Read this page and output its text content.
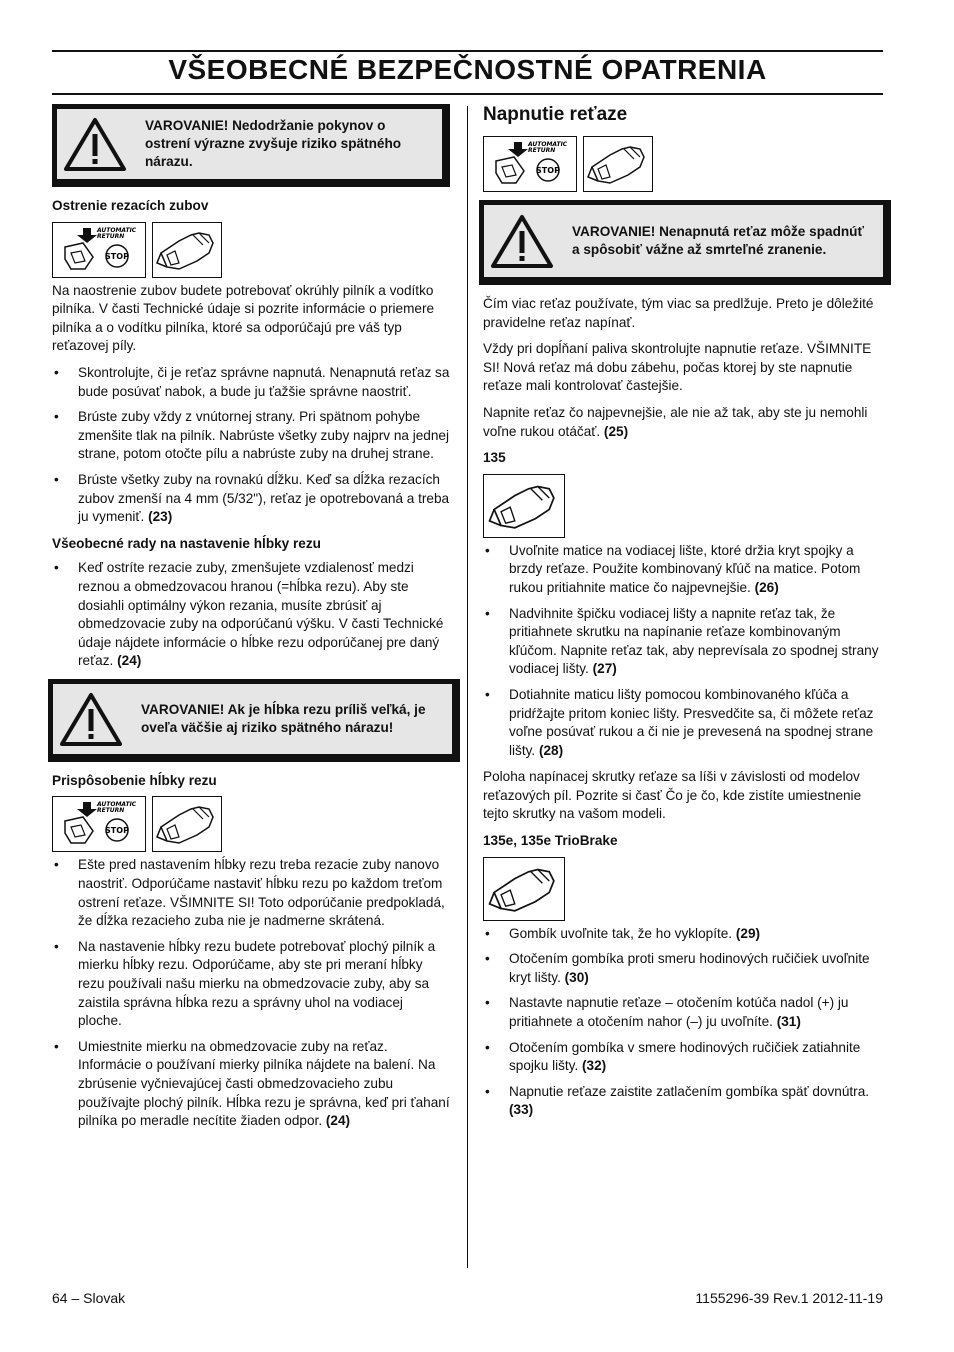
VŠEOBECNÉ BEZPEČNOSTNÉ OPATRENIA
VAROVANIE! Nedodržanie pokynov o ostrení výrazne zvyšuje riziko spätného nárazu.
Ostrenie rezacích zubov
AUTOMATIC
RETURN
STOP

Na naostrenie zubov budete potrebovať okrúhly pilník a vodítko pilníka. V časti Technické údaje si pozrite informácie o priemere pilníka a o vodítku pilníka, ktoré sa odporúčajú pre váš typ reťazovej píly.

• Skontrolujte, či je reťaz správne napnutá. Nenapnutá reťaz sa bude posúvať nabok, a bude ju ťažšie správne naostriť.
• Brúste zuby vždy z vnútornej strany. Pri spätnom pohybe zmenšite tlak na pilník. Nabrúste všetky zuby najprv na jednej strane, potom otočte pílu a nabrúste zuby na druhej strane.
• Brúste všetky zuby na rovnakú dĺžku. Keď sa dĺžka rezacích zubov zmenší na 4 mm (5/32"), reťaz je opotrebovaná a treba ju vymeniť. (23)
Všeobecné rady na nastavenie hĺbky rezu
• Keď ostríte rezacie zuby, zmenšujete vzdialenosť medzi reznou a obmedzovacou hranou (=hĺbka rezu). Aby ste dosiahli optimálny výkon rezania, musíte zbrúsiť aj obmedzovacie zuby na odporúčanú výšku. V časti Technické údaje nájdete informácie o hĺbke rezu odporúčanej pre daný reťaz. (24)
VAROVANIE! Ak je hĺbka rezu príliš veľká, je oveľa väčšie aj riziko spätného nárazu!
Prispôsobenie hĺbky rezu
AUTOMATIC
RETURN
STOP
• Ešte pred nastavením hĺbky rezu treba rezacie zuby nanovo naostriť. Odporúčame nastaviť hĺbku rezu po každom treťom ostrení reťaze. VŠIMNITE SI! Toto odporúčanie predpokladá, že dĺžka rezacieho zuba nie je nadmerne skrátená.
• Na nastavenie hĺbky rezu budete potrebovať plochý pilník a mierku hĺbky rezu. Odporúčame, aby ste pri meraní hĺbky rezu používali našu mierku na obmedzovacie zuby, aby sa zaistila správna hĺbka rezu a správny uhol na vodiacej ploche.
• Umiestnite mierku na obmedzovacie zuby na reťaz. Informácie o používaní mierky pilníka nájdete na balení. Na zbrúsenie vyčnievajúcej časti obmedzovacieho zubu používajte plochý pilník. Hĺbka rezu je správna, keď pri ťahaní pilníka po meradle necítite žiaden odpor. (24)
Napnutie reťaze
AUTOMATIC
RETURN
STOP
VAROVANIE! Nenapnutá reťaz môže spadnúť a spôsobiť vážne až smrteľné zranenie.

Čím viac reťaz používate, tým viac sa predlžuje. Preto je dôležité pravidelne reťaz napínať.

Vždy pri dopĺňaní paliva skontrolujte napnutie reťaze. VŠIMNITE SI! Nová reťaz má dobu zábehu, počas ktorej by ste napnutie reťaze mali kontrolovať častejšie.

Napnite reťaz čo najpevnejšie, ale nie až tak, aby ste ju nemohli voľne rukou otáčať. (25)

135
• Uvoľnite matice na vodiacej lište, ktoré držia kryt spojky a brzdy reťaze. Použite kombinovaný kľúč na matice. Potom rukou pritiahnite matice čo najpevnejšie. (26)
• Nadvihnite špičku vodiacej lišty a napnite reťaz tak, že pritiahnete skrutku na napínanie reťaze kombinovaným kľúčom. Napnite reťaz tak, aby neprevísala zo spodnej strany vodiacej lišty. (27)
• Dotiahnite maticu lišty pomocou kombinovaného kľúča a pridŕžajte pritom koniec lišty. Presvedčite sa, či môžete reťaz voľne posúvať rukou a či nie je prevesená na spodnej strane lišty. (28)

Poloha napínacej skrutky reťaze sa líši v závislosti od modelov reťazových píl. Pozrite si časť Čo je čo, kde zistíte umiestnenie tejto skrutky na vašom modeli.

135e, 135e TrioBrake
• Gombík uvoľnite tak, že ho vyklopíte. (29)
• Otočením gombíka proti smeru hodinových ručičiek uvoľnite kryt lišty. (30)
• Nastavte napnutie reťaze – otočením kotúča nadol (+) ju pritiahnete a otočením nahor (–) ju uvoľníte. (31)
• Otočením gombíka v smere hodinových ručičiek zatiahnite spojku lišty. (32)
• Napnutie reťaze zaistite zatlačením gombíka späť dovnútra. (33)
64 – Slovak	1155296-39 Rev.1 2012-11-19
